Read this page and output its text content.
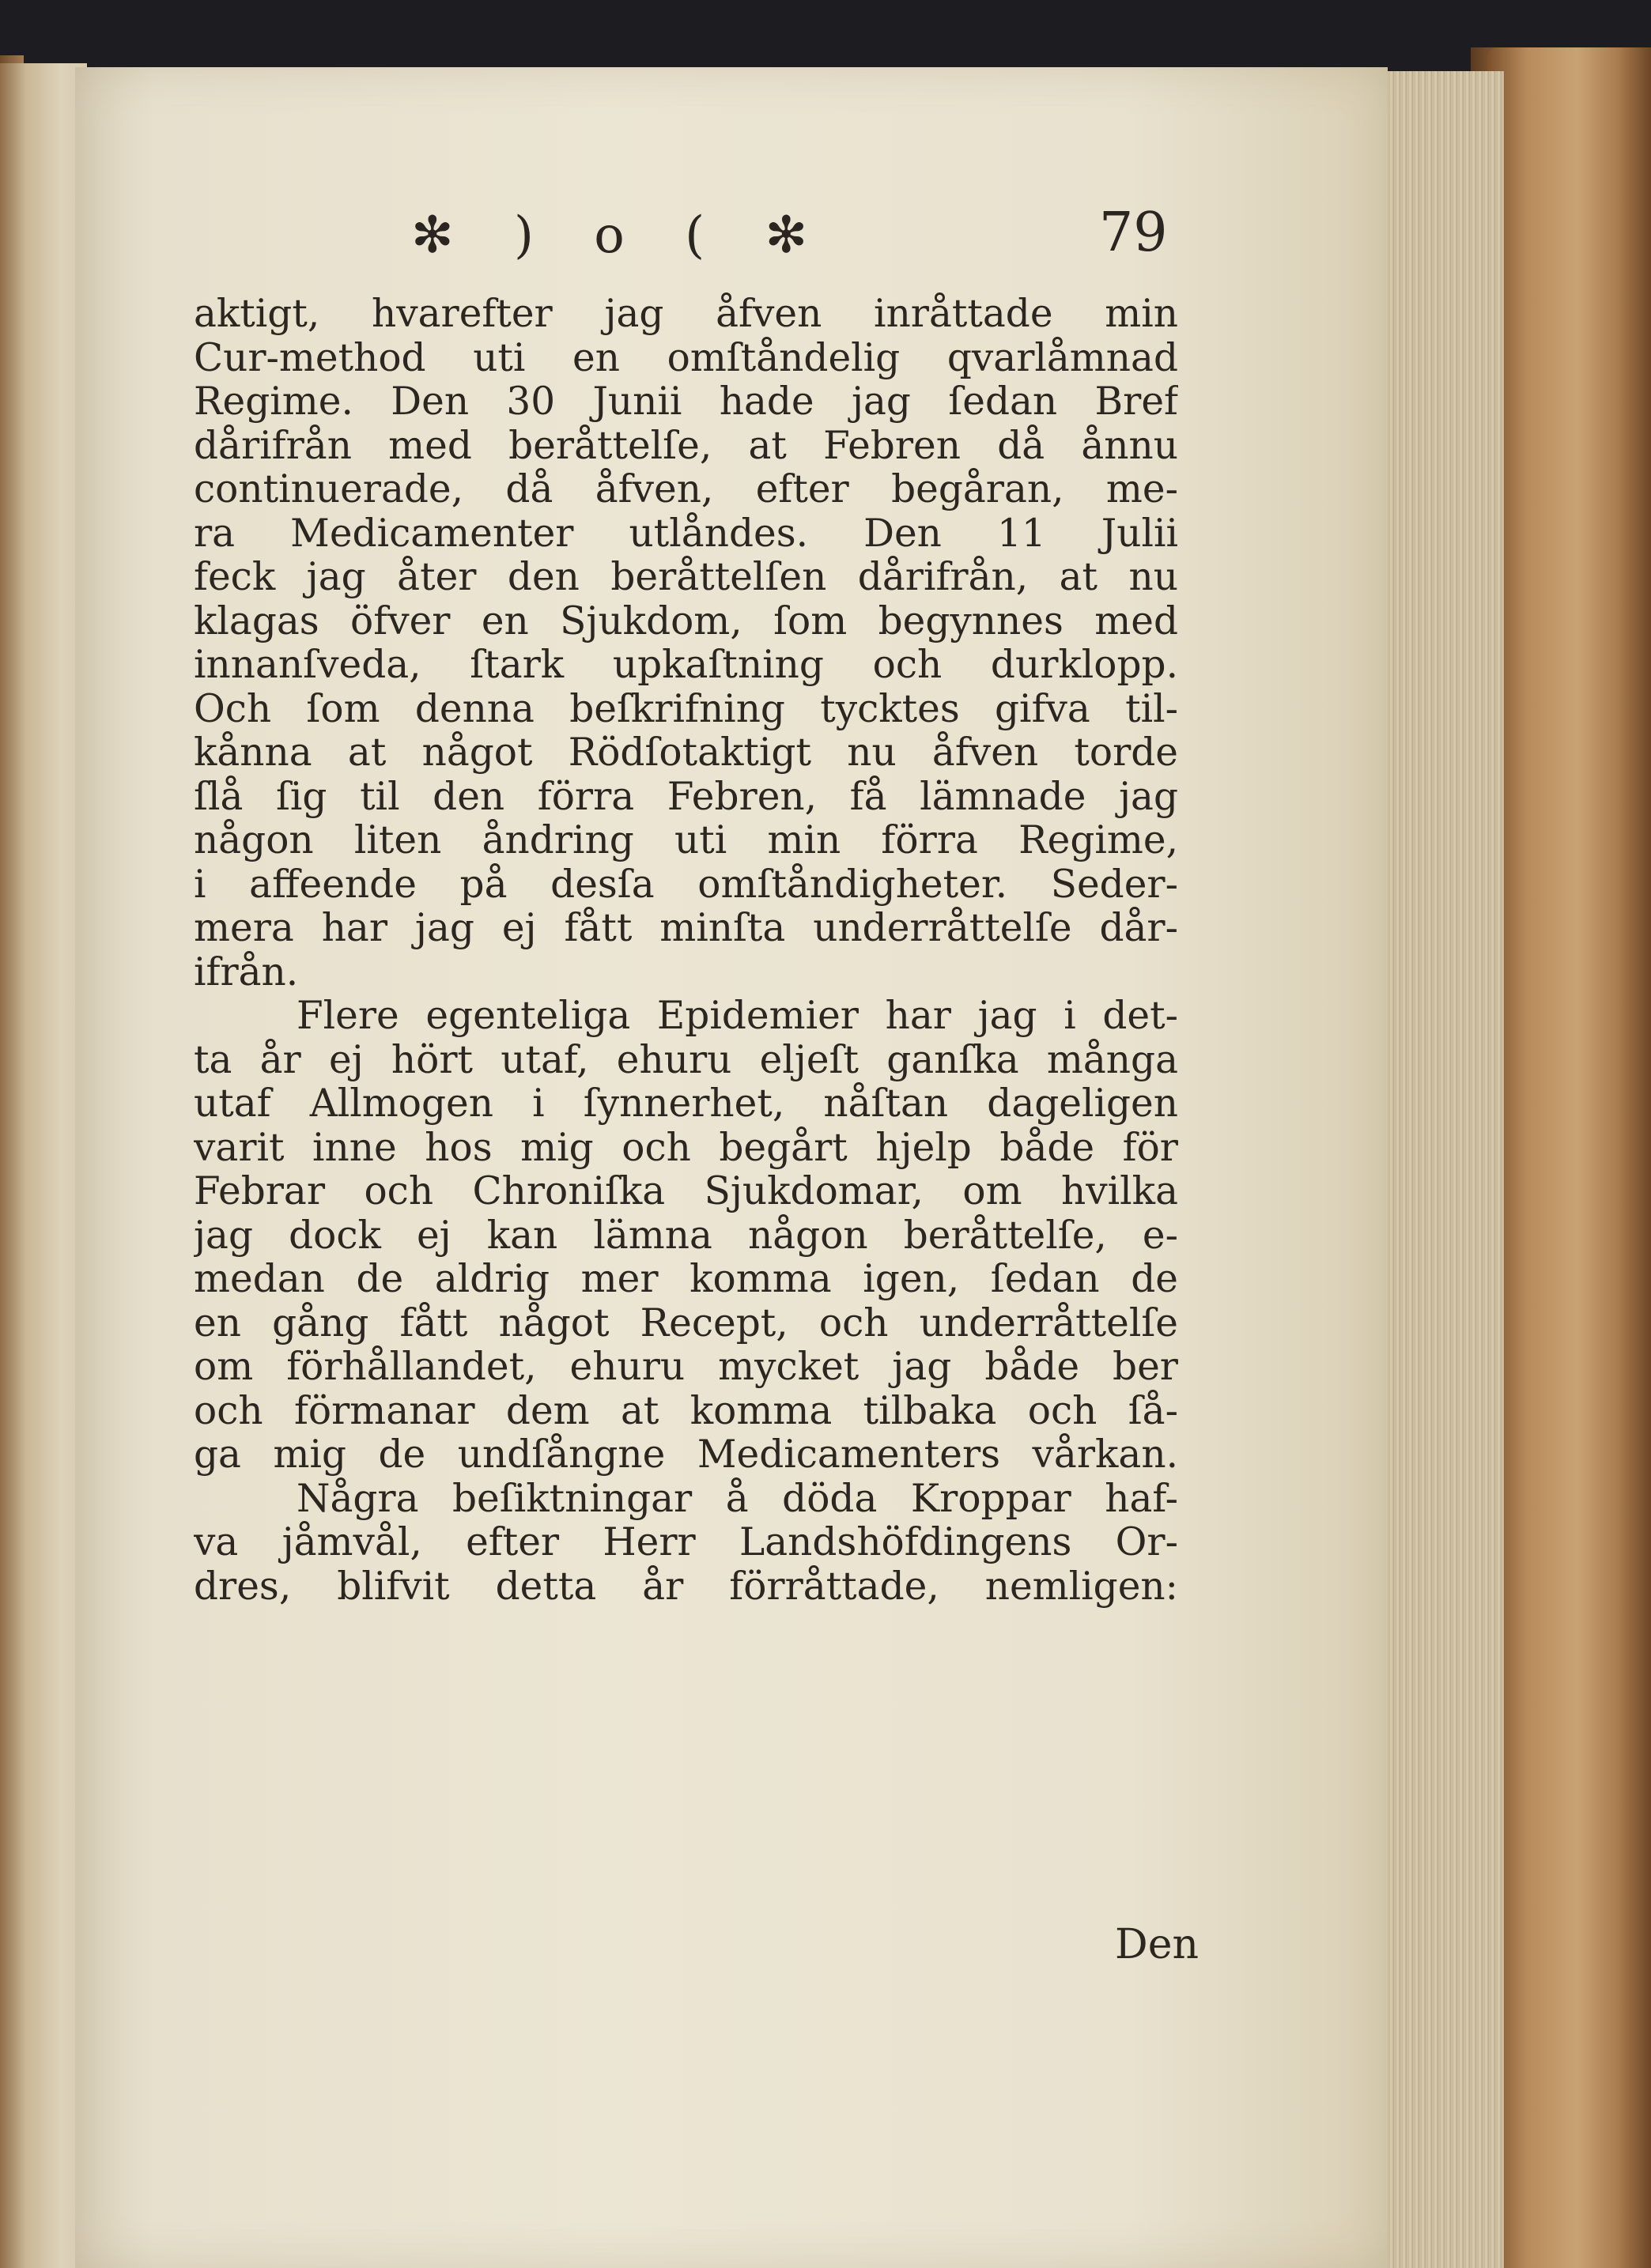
✻ ) o ( ✻	79
aktigt, hvarefter jag åfven inråttade min
Cur-method uti en omſtåndelig qvarlåmnad
Regime. Den 30 Junii hade jag ſedan Bref
dårifrån med beråttelſe, at Febren då ånnu
continuerade, då åfven, efter begåran, me-
ra Medicamenter utlåndes. Den 11 Julii
feck jag åter den beråttelſen dårifrån, at nu
klagas öfver en Sjukdom, ſom begynnes med
innanſveda, ſtark upkaſtning och durklopp.
Och ſom denna beſkrifning tycktes gifva til-
kånna at något Rödſotaktigt nu åfven torde
ſlå ſig til den förra Febren, få lämnade jag
någon liten åndring uti min förra Regime,
i affeende på desſa omſtåndigheter. Seder-
mera har jag ej fått minſta underråttelſe dår-
ifrån.
Flere egenteliga Epidemier har jag i det-
ta år ej hört utaf, ehuru eljeſt ganſka många
utaf Allmogen i ſynnerhet, nåſtan dageligen
varit inne hos mig och begårt hjelp både för
Febrar och Chroniſka Sjukdomar, om hvilka
jag dock ej kan lämna någon beråttelſe, e-
medan de aldrig mer komma igen, ſedan de
en gång fått något Recept, och underråttelſe
om förhållandet, ehuru mycket jag både ber
och förmanar dem at komma tilbaka och ſå-
ga mig de undſångne Medicamenters vårkan.
Några beſiktningar å döda Kroppar haf-
va jåmvål, efter Herr Landshöfdingens Or-
dres, blifvit detta år förråttade, nemligen:
Den
